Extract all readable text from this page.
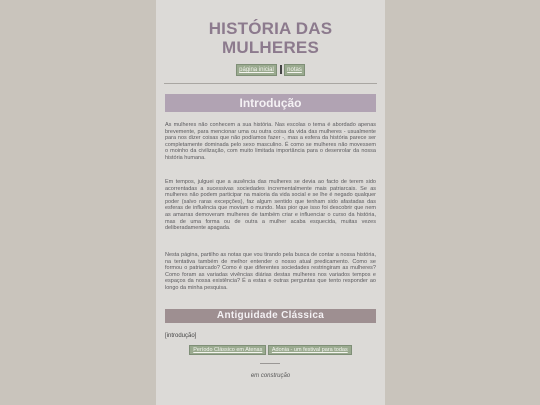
HISTÓRIA DAS
MULHERES
página inicial notas
Introdução
As mulheres não conhecem a sua história. Nas escolas o tema é abordado apenas brevemente, para mencionar uma ou outra coisa da vida das mulheres - usualmente para nos dizer coisas que não podíamos fazer -, mas a esfera da história parece ser completamente dominada pelo sexo masculino. É como se mulheres não movessem o moinho da civilização, com muito limitada importância para o desenrolar da nossa história humana.
Em tempos, julguei que a ausência das mulheres se devia ao facto de terem sido acorrentadas a sucessivas sociedades incrementalmente mais patriarcais. Se as mulheres não podem participar na maioria da vida social e se lhe é negado qualquer poder (salvo raras excepções), faz algum sentido que tenham sido afastadas das esferas de influência que moviam o mundo. Mas pior que isso foi descobrir que nem as amarras demoveram mulheres de também criar e influenciar o curso da história, mas de uma forma ou de outra a mulher acaba esquecida, muitas vezes deliberadamente apagada.
Nesta página, partilho as notas que vou tirando pela busca de contar a nossa história, na tentativa também de melhor entender o nosso atual predicamento. Como se formou o patriarcado? Como é que diferentes sociedades restringiram as mulheres? Como foram as variadas vivências diárias destas mulheres nos variados tempos e espaços da nossa existência? É a estas e outras perguntas que tento responder ao longo da minha pesquisa.
Antiguidade Clássica
[introdução]
Período Clássico em Atenas Adonia - um festival para todas
em construção
